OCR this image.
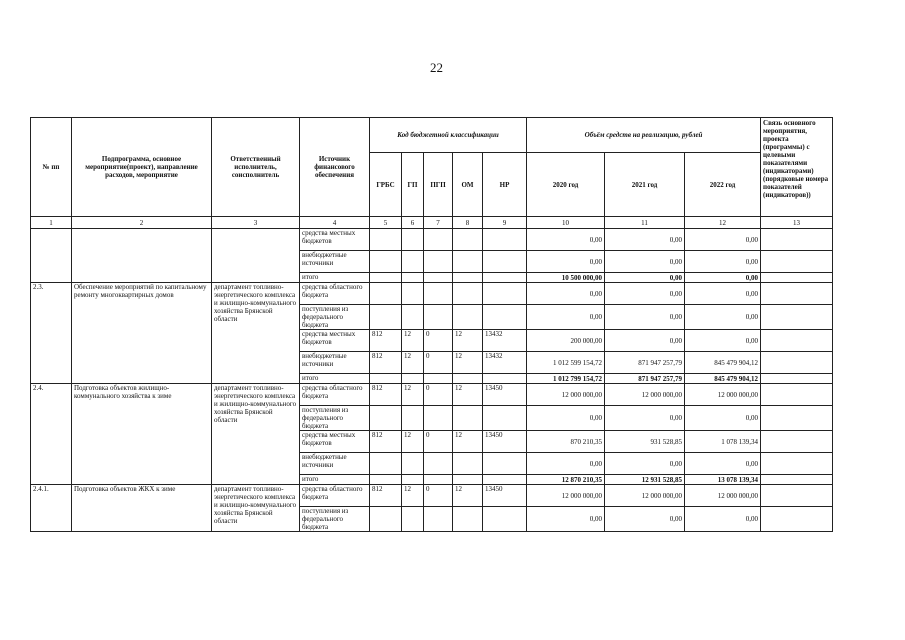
22
№ пп	Подпрограмма, основное мероприятие(проект), направление расходов, мероприятие	Ответственный исполнитель, соисполнитель	Источник финансового обеспечения	Код бюджетной классификации					Объём средств на реализацию, рублей			Связь основного мероприятия, проекта (программы) с целевыми показателями (индикаторами) (порядковые номера показателей (индикаторов))
				ГРБС	ГП	ПГП	ОМ	НР	2020 год	2021 год	2022 год	
1	2	3	4	5	6	7	8	9	10	11	12	13
			средства местных бюджетов						0,00	0,00	0,00	
			внебюджетные источники						0,00	0,00	0,00	
			итого						10 500 000,00	0,00	0,00	
2.3.	Обеспечение мероприятий по капитальному ремонту многоквартирных домов	департамент топливно-энергетического комплекса и жилищно-коммунального хозяйства Брянской области	средства областного бюджета						0,00	0,00	0,00	
			поступления из федерального бюджета						0,00	0,00	0,00	
			средства местных бюджетов	812	12	0	12	13432	200 000,00	0,00	0,00	
			внебюджетные источники	812	12	0	12	13432	1 012 599 154,72	871 947 257,79	845 479 904,12	
			итого						1 012 799 154,72	871 947 257,79	845 479 904,12	
2.4.	Подготовка объектов жилищно-коммунального хозяйства к зиме	департамент топливно-энергетического комплекса и жилищно-коммунального хозяйства Брянской области	средства областного бюджета	812	12	0	12	13450	12 000 000,00	12 000 000,00	12 000 000,00	
			поступления из федерального бюджета						0,00	0,00	0,00	
			средства местных бюджетов	812	12	0	12	13450	870 210,35	931 528,85	1 078 139,34	
			внебюджетные источники						0,00	0,00	0,00	
			итого						12 870 210,35	12 931 528,85	13 078 139,34	
2.4.1.	Подготовка объектов ЖКХ к зиме	департамент топливно-энергетического комплекса и жилищно-коммунального хозяйства Брянской области	средства областного бюджета	812	12	0	12	13450	12 000 000,00	12 000 000,00	12 000 000,00	
			поступления из федерального бюджета						0,00	0,00	0,00	
